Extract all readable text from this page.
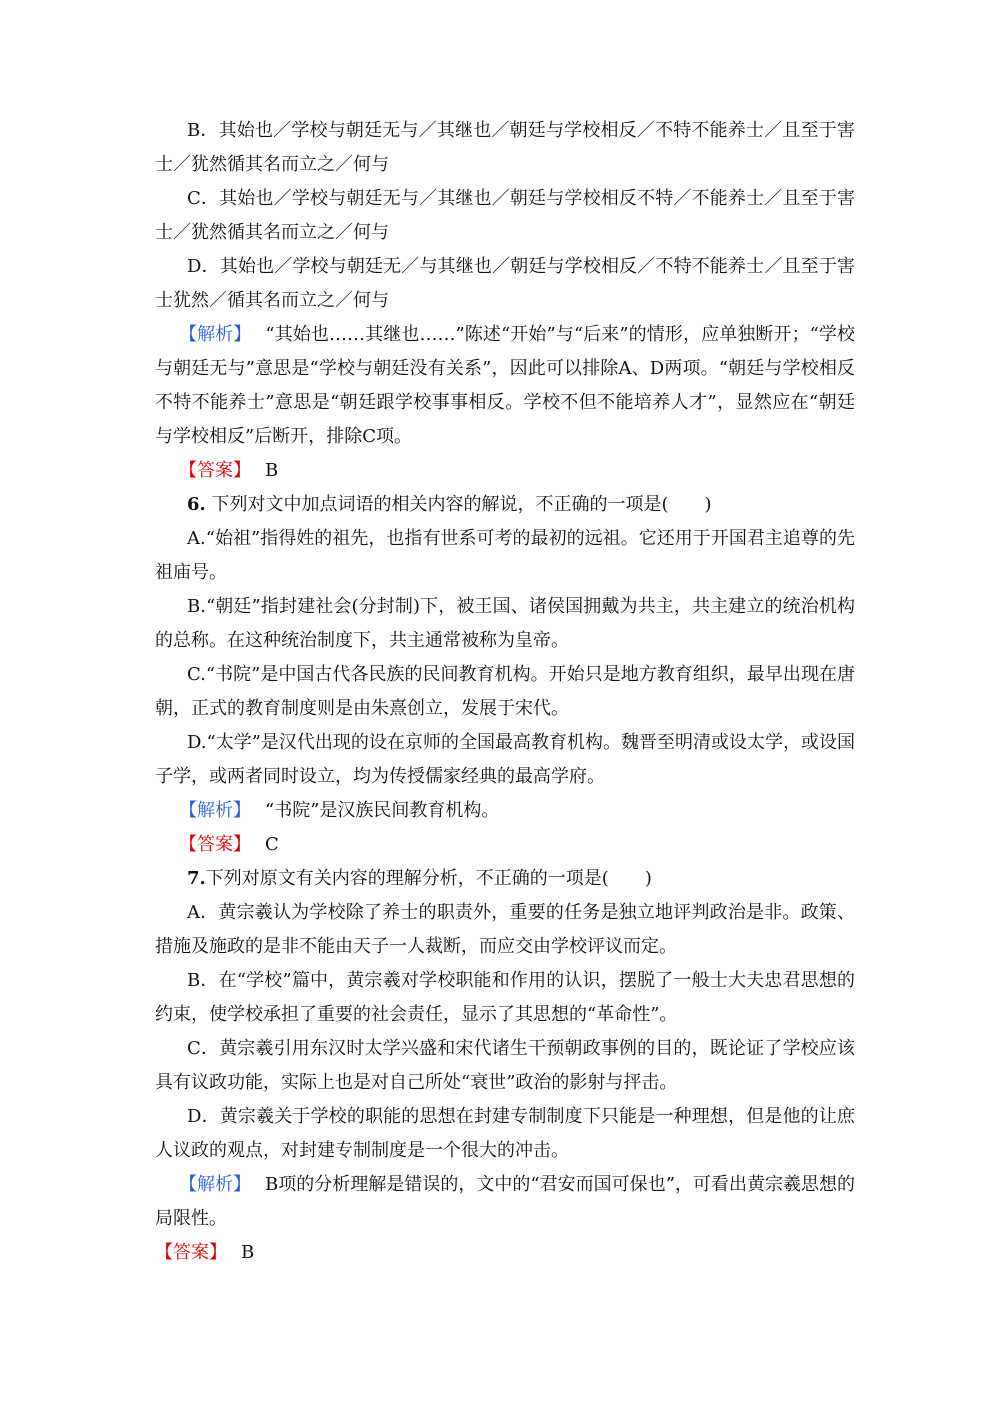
B．其始也／学校与朝廷无与／其继也／朝廷与学校相反／不特不能养士／且至于害士／犹然循其名而立之／何与

C．其始也／学校与朝廷无与／其继也／朝廷与学校相反不特／不能养士／且至于害士／犹然循其名而立之／何与

D．其始也／学校与朝廷无／与其继也／朝廷与学校相反／不特不能养士／且至于害士犹然／循其名而立之／何与

【解析】 “其始也……其继也……”陈述“开始”与“后来”的情形，应单独断开；“学校与朝廷无与”意思是“学校与朝廷没有关系”，因此可以排除A、D两项。“朝廷与学校相反不特不能养士”意思是“朝廷跟学校事事相反。学校不但不能培养人才”，显然应在“朝廷与学校相反”后断开，排除C项。

【答案】 B

6. 下列对文中加点词语的相关内容的解说，不正确的一项是(　　)

A.“始祖”指得姓的祖先，也指有世系可考的最初的远祖。它还用于开国君主追尊的先祖庙号。

B.“朝廷”指封建社会(分封制)下，被王国、诸侯国拥戴为共主，共主建立的统治机构的总称。在这种统治制度下，共主通常被称为皇帝。

C.“书院”是中国古代各民族的民间教育机构。开始只是地方教育组织，最早出现在唐朝，正式的教育制度则是由朱熹创立，发展于宋代。

D.“太学”是汉代出现的设在京师的全国最高教育机构。魏晋至明清或设太学，或设国子学，或两者同时设立，均为传授儒家经典的最高学府。

【解析】 “书院”是汉族民间教育机构。

【答案】 C

7.下列对原文有关内容的理解分析，不正确的一项是(　　)

A．黄宗羲认为学校除了养士的职责外，重要的任务是独立地评判政治是非。政策、措施及施政的是非不能由天子一人裁断，而应交由学校评议而定。

B．在“学校”篇中，黄宗羲对学校职能和作用的认识，摆脱了一般士大夫忠君思想的约束，使学校承担了重要的社会责任，显示了其思想的“革命性”。

C．黄宗羲引用东汉时太学兴盛和宋代诸生干预朝政事例的目的，既论证了学校应该具有议政功能，实际上也是对自己所处“衰世”政治的影射与抨击。

D．黄宗羲关于学校的职能的思想在封建专制制度下只能是一种理想，但是他的让庶人议政的观点，对封建专制制度是一个很大的冲击。

【解析】 B项的分析理解是错误的，文中的“君安而国可保也”，可看出黄宗羲思想的局限性。

【答案】 B
